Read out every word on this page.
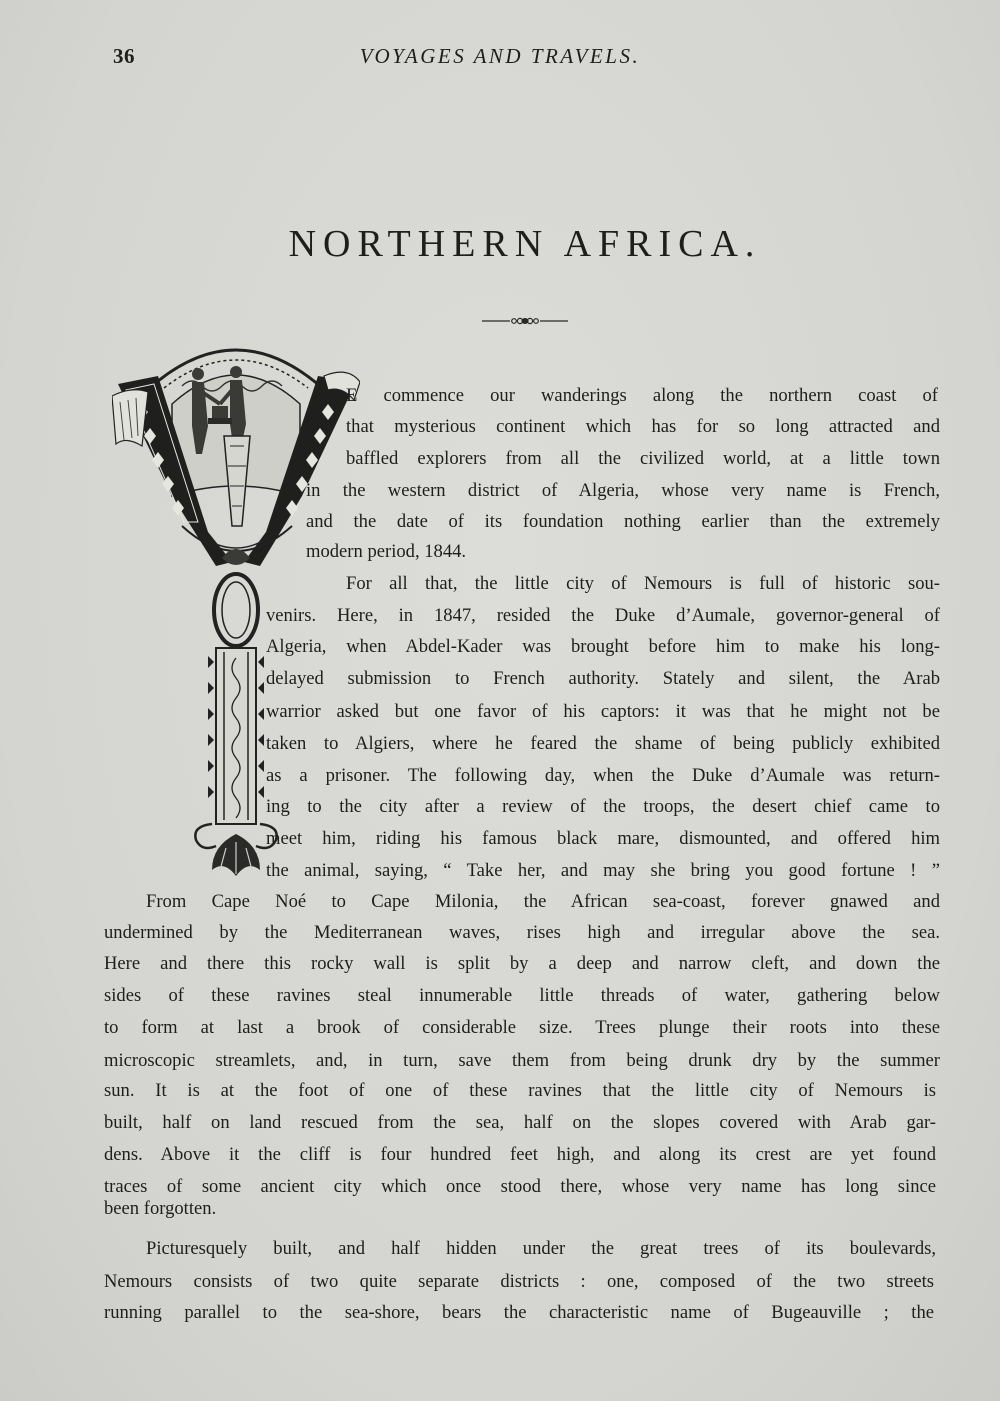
36	VOYAGES AND TRAVELS.
NORTHERN AFRICA.
E commence our wanderings along the northern coast of
that mysterious continent which has for so long attracted and
baffled explorers from all the civilized world, at a little town
in the western district of Algeria, whose very name is French,
and the date of its foundation nothing earlier than the extremely
modern period, 1844.
For all that, the little city of Nemours is full of historic sou-
venirs. Here, in 1847, resided the Duke d’Aumale, governor-general of
Algeria, when Abdel-Kader was brought before him to make his long-
delayed submission to French authority. Stately and silent, the Arab
warrior asked but one favor of his captors: it was that he might not be
taken to Algiers, where he feared the shame of being publicly exhibited
as a prisoner. The following day, when the Duke d’Aumale was return-
ing to the city after a review of the troops, the desert chief came to
meet him, riding his famous black mare, dismounted, and offered him
the animal, saying, “ Take her, and may she bring you good fortune ! ”
From Cape Noé to Cape Milonia, the African sea-coast, forever gnawed and
undermined by the Mediterranean waves, rises high and irregular above the sea.
Here and there this rocky wall is split by a deep and narrow cleft, and down the
sides of these ravines steal innumerable little threads of water, gathering below
to form at last a brook of considerable size. Trees plunge their roots into these
microscopic streamlets, and, in turn, save them from being drunk dry by the summer
sun. It is at the foot of one of these ravines that the little city of Nemours is
built, half on land rescued from the sea, half on the slopes covered with Arab gar-
dens. Above it the cliff is four hundred feet high, and along its crest are yet found
traces of some ancient city which once stood there, whose very name has long since
been forgotten.
Picturesquely built, and half hidden under the great trees of its boulevards,
Nemours consists of two quite separate districts : one, composed of the two streets
running parallel to the sea-shore, bears the characteristic name of Bugeauville ; the
